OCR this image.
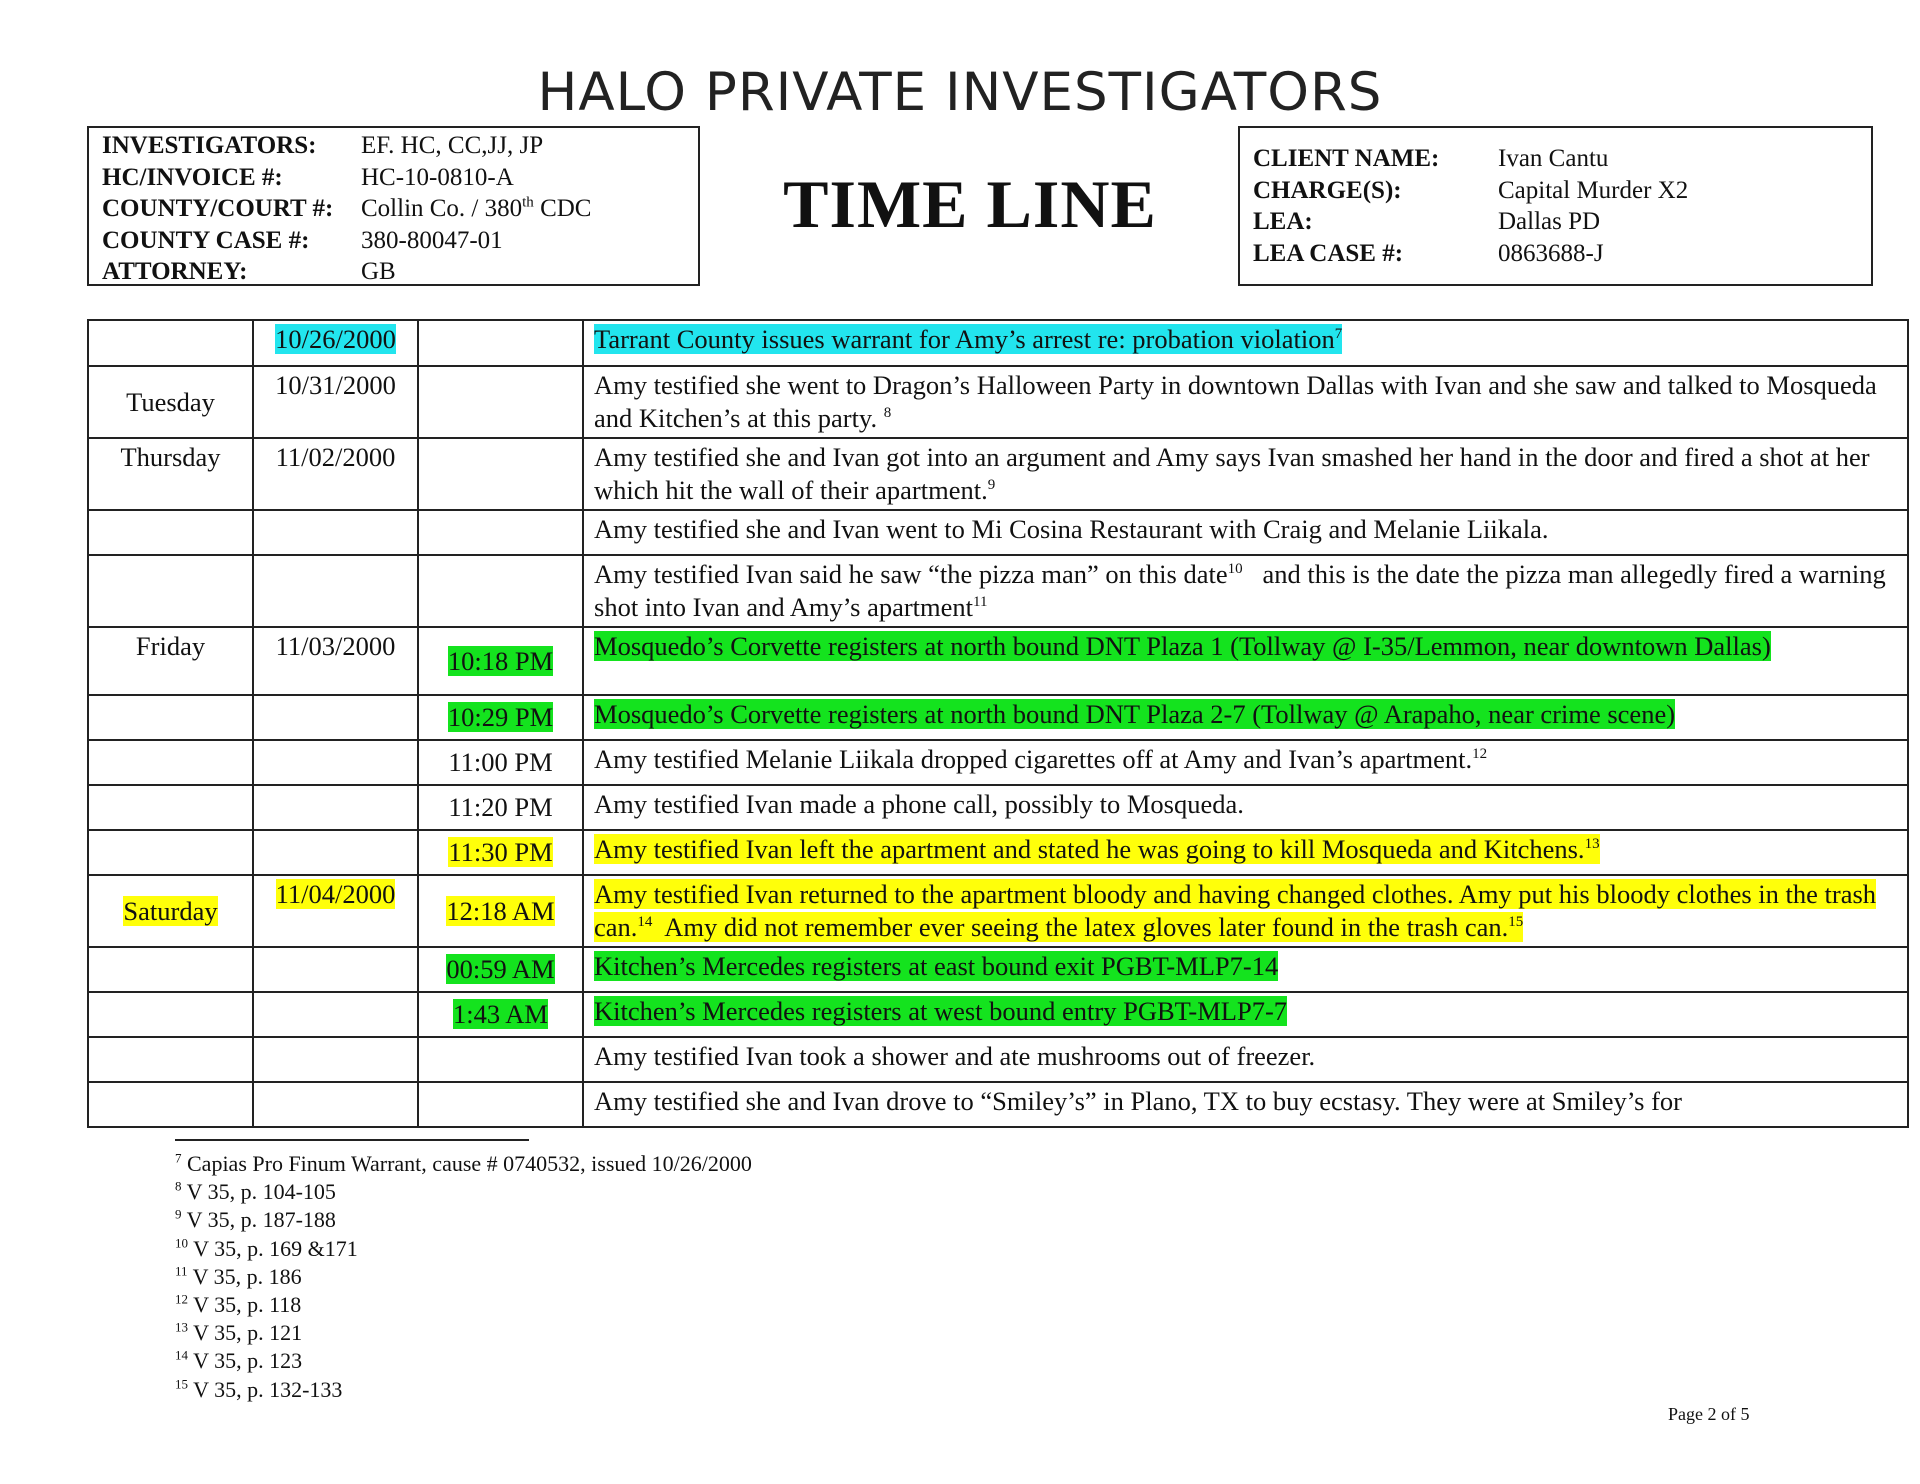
HALO PRIVATE INVESTIGATORS
INVESTIGATORS:	EF. HC, CC,JJ, JP
HC/INVOICE #:	HC-10-0810-A
COUNTY/COURT #:	Collin Co. / 380th CDC
COUNTY CASE #:	380-80047-01
ATTORNEY:	GB
TIME LINE
CLIENT NAME:	Ivan Cantu
CHARGE(S):	Capital Murder X2
LEA:	Dallas PD
LEA CASE #:	0863688-J
	10/26/2000		Tarrant County issues warrant for Amy’s arrest re: probation violation$^7$
Tuesday	10/31/2000		Amy testified she went to Dragon’s Halloween Party in downtown Dallas with Ivan and she saw and talked to Mosqueda and Kitchen’s at this party. $^8$
Thursday	11/02/2000		Amy testified she and Ivan got into an argument and Amy says Ivan smashed her hand in the door and fired a shot at her which hit the wall of their apartment.$^9$
			Amy testified she and Ivan went to Mi Cosina Restaurant with Craig and Melanie Liikala.
			Amy testified Ivan said he saw “the pizza man” on this date$^{10}$   and this is the date the pizza man allegedly fired a warning shot into Ivan and Amy’s apartment$^{11}$
Friday	11/03/2000	10:18 PM	Mosquedo’s Corvette registers at north bound DNT Plaza 1 (Tollway @ I-35/Lemmon, near downtown Dallas)
		10:29 PM	Mosquedo’s Corvette registers at north bound DNT Plaza 2-7 (Tollway @ Arapaho, near crime scene)
		11:00 PM	Amy testified Melanie Liikala dropped cigarettes off at Amy and Ivan’s apartment.$^{12}$
		11:20 PM	Amy testified Ivan made a phone call, possibly to Mosqueda.
		11:30 PM	Amy testified Ivan left the apartment and stated he was going to kill Mosqueda and Kitchens.$^{13}$
Saturday	11/04/2000	12:18 AM	Amy testified Ivan returned to the apartment bloody and having changed clothes. Amy put his bloody clothes in the trash can.$^{14}$  Amy did not remember ever seeing the latex gloves later found in the trash can.$^{15}$
		00:59 AM	Kitchen’s Mercedes registers at east bound exit PGBT-MLP7-14
		1:43 AM	Kitchen’s Mercedes registers at west bound entry PGBT-MLP7-7
			Amy testified Ivan took a shower and ate mushrooms out of freezer.
			Amy testified she and Ivan drove to “Smiley’s” in Plano, TX to buy ecstasy. They were at Smiley’s for
$^7$ Capias Pro Finum Warrant, cause # 0740532, issued 10/26/2000
$^8$ V 35, p. 104-105
$^9$ V 35, p. 187-188
$^{10}$ V 35, p. 169 &171
$^{11}$ V 35, p. 186
$^{12}$ V 35, p. 118
$^{13}$ V 35, p. 121
$^{14}$ V 35, p. 123
$^{15}$ V 35, p. 132-133
Page 2 of 5
